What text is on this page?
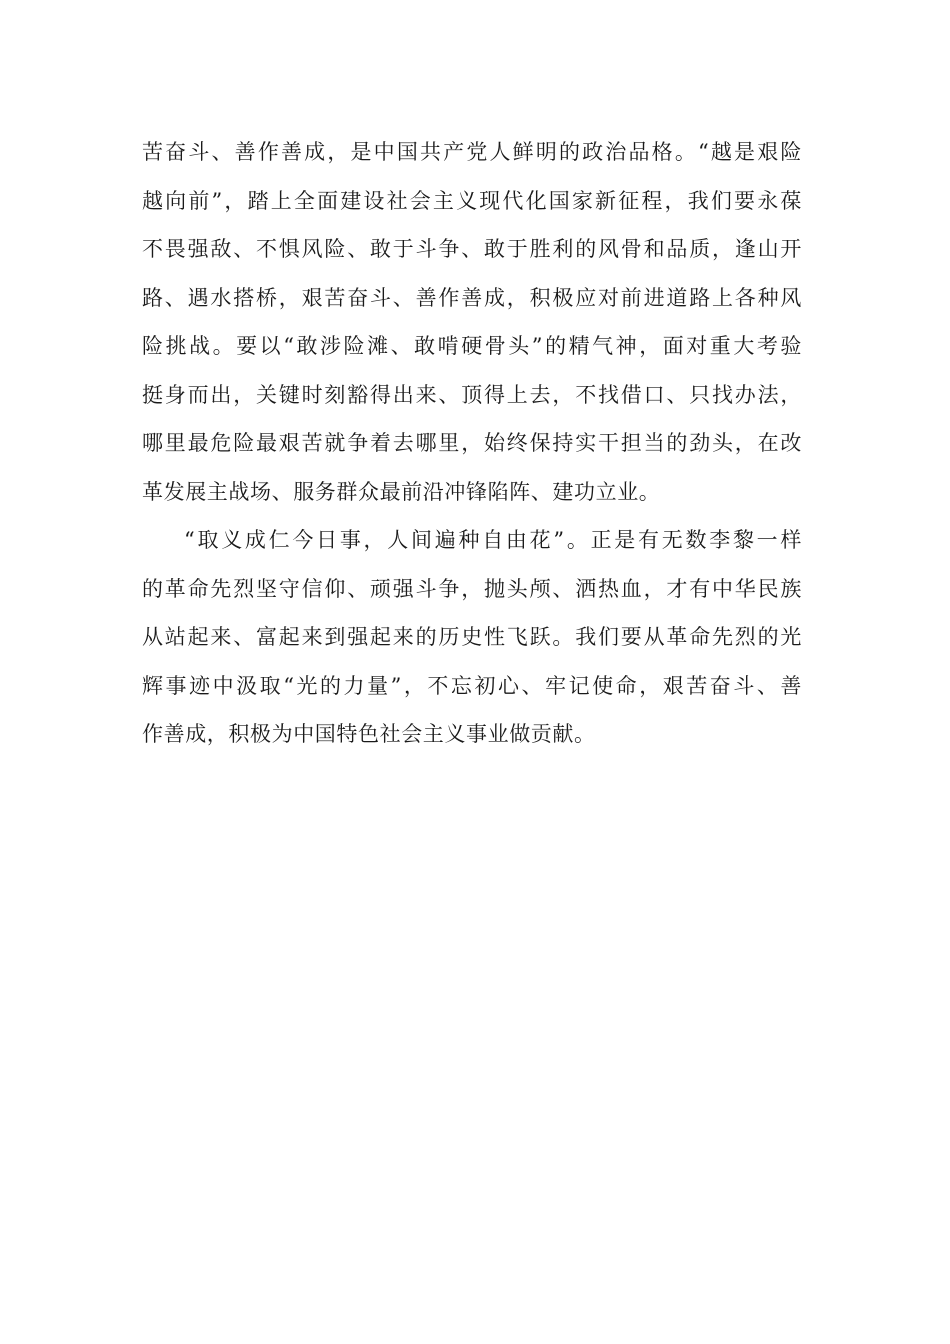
苦奋斗、善作善成，是中国共产党人鲜明的政治品格。“越是艰险
越向前”，踏上全面建设社会主义现代化国家新征程，我们要永葆
不畏强敌、不惧风险、敢于斗争、敢于胜利的风骨和品质，逢山开
路、遇水搭桥，艰苦奋斗、善作善成，积极应对前进道路上各种风
险挑战。要以“敢涉险滩、敢啃硬骨头”的精气神，面对重大考验
挺身而出，关键时刻豁得出来、顶得上去，不找借口、只找办法，
哪里最危险最艰苦就争着去哪里，始终保持实干担当的劲头，在改
革发展主战场、服务群众最前沿冲锋陷阵、建功立业。
“取义成仁今日事，人间遍种自由花”。正是有无数李黎一样
的革命先烈坚守信仰、顽强斗争，抛头颅、洒热血，才有中华民族
从站起来、富起来到强起来的历史性飞跃。我们要从革命先烈的光
辉事迹中汲取“光的力量”，不忘初心、牢记使命，艰苦奋斗、善
作善成，积极为中国特色社会主义事业做贡献。
